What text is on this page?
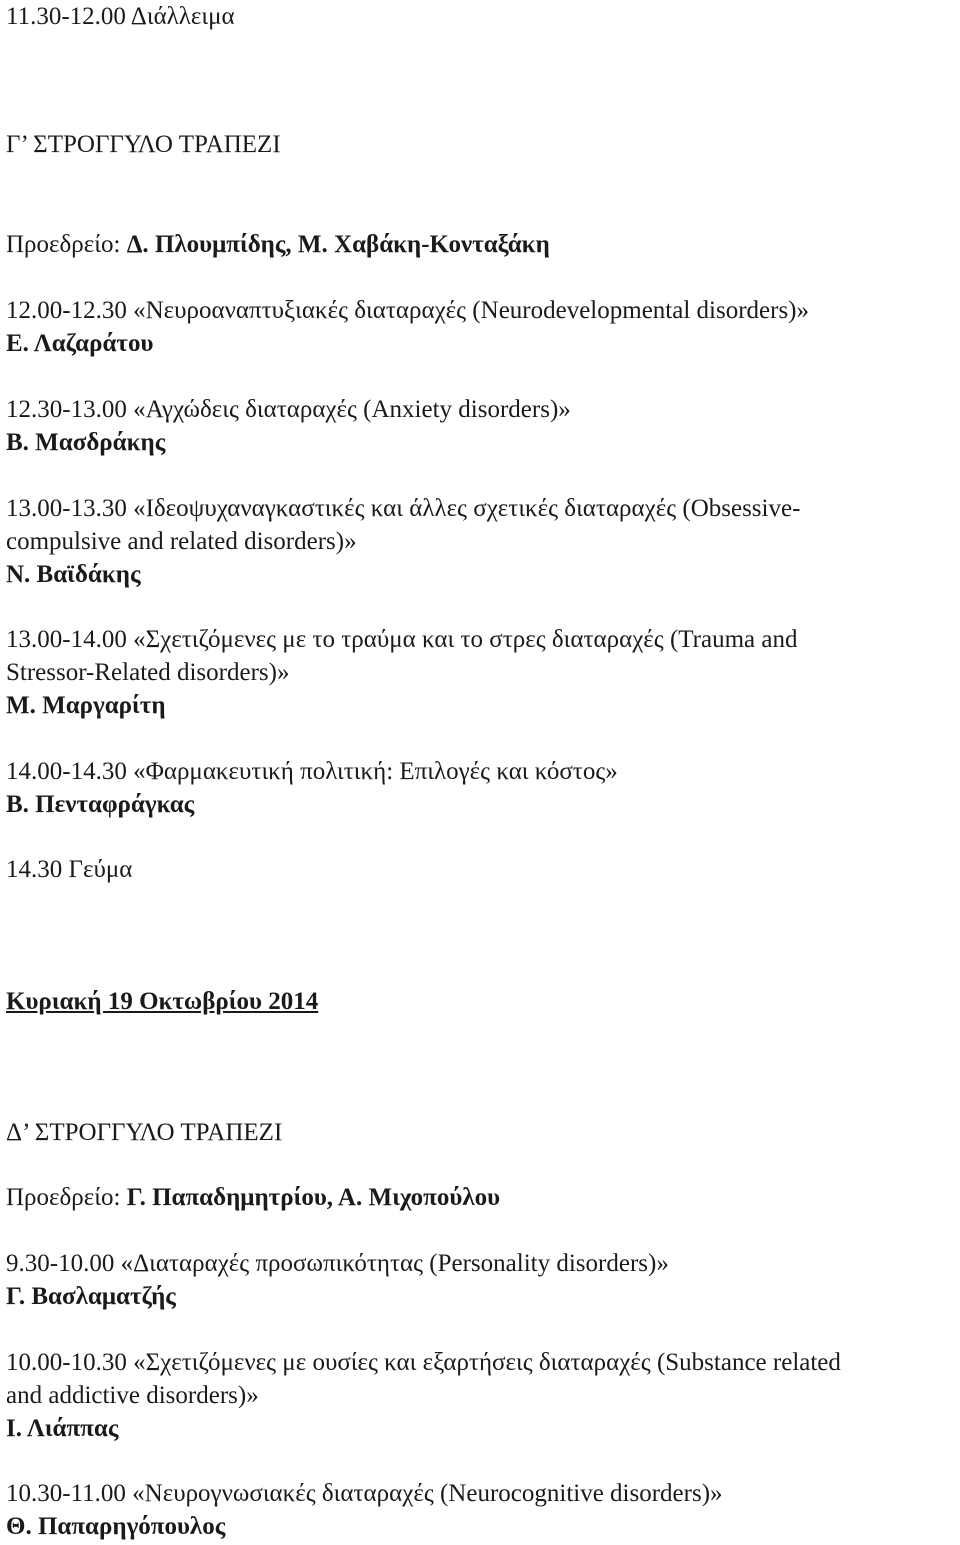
11.30-12.00 Διάλλειμα
Γ’ ΣΤΡΟΓΓΥΛΟ ΤΡΑΠΕΖΙ
Προεδρείο: Δ. Πλουμπίδης, Μ. Χαβάκη-Κονταξάκη
12.00-12.30 «Νευροαναπτυξιακές διαταραχές (Neurodevelopmental disorders)»
Ε. Λαζαράτου
12.30-13.00 «Αγχώδεις διαταραχές (Anxiety disorders)»
Β. Μασδράκης
13.00-13.30 «Ιδεοψυχαναγκαστικές και άλλες σχετικές διαταραχές (Obsessive-
compulsive and related disorders)»
Ν. Βαϊδάκης
13.00-14.00 «Σχετιζόμενες με το τραύμα και το στρες διαταραχές (Trauma and
Stressor-Related disorders)»
Μ. Μαργαρίτη
14.00-14.30 «Φαρμακευτική πολιτική: Επιλογές και κόστος»
Β. Πενταφράγκας
14.30 Γεύμα
Κυριακή 19 Οκτωβρίου 2014
Δ’ ΣΤΡΟΓΓΥΛΟ ΤΡΑΠΕΖΙ
Προεδρείο: Γ. Παπαδημητρίου, Α. Μιχοπούλου
9.30-10.00 «Διαταραχές προσωπικότητας (Personality disorders)»
Γ. Βασλαματζής
10.00-10.30 «Σχετιζόμενες με ουσίες και εξαρτήσεις διαταραχές (Substance related
and addictive disorders)»
Ι. Λιάππας
10.30-11.00 «Νευρογνωσιακές διαταραχές (Neurocognitive disorders)»
Θ. Παπαρηγόπουλος
